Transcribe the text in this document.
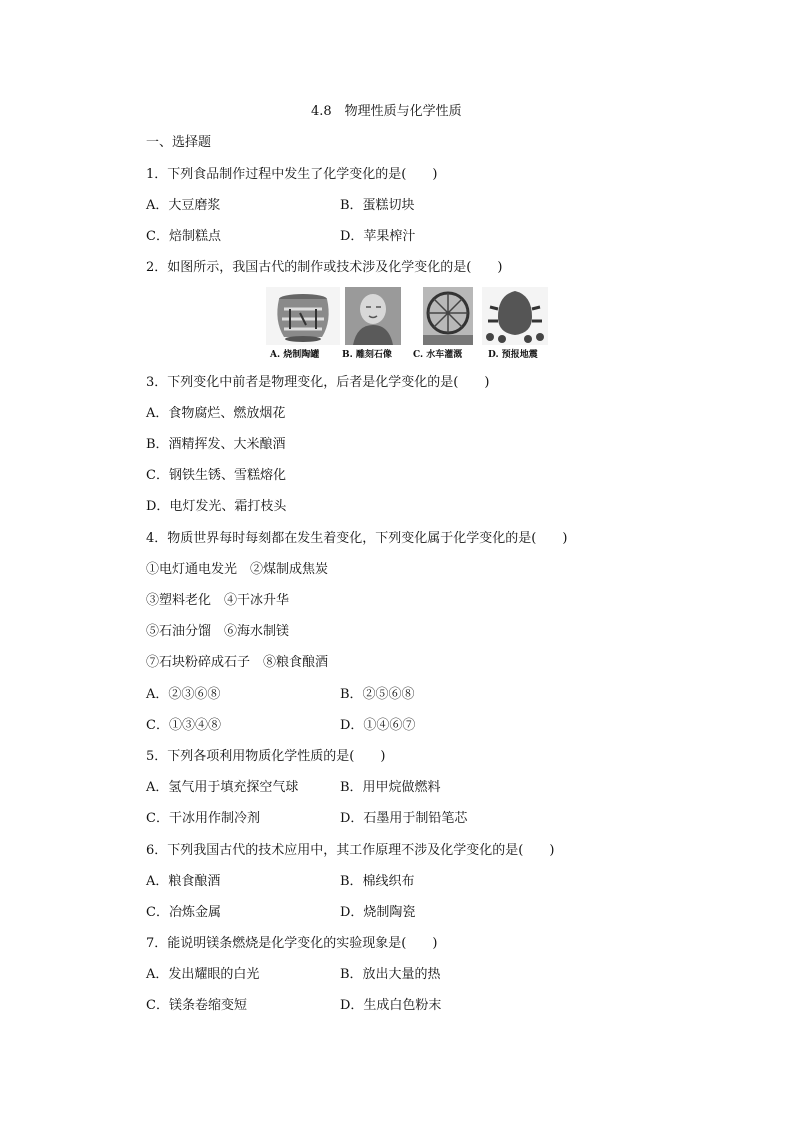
4.8　物理性质与化学性质
一、选择题
1．下列食品制作过程中发生了化学变化的是(　　)
A．大豆磨浆	B．蛋糕切块
C．焙制糕点	D．苹果榨汁
2．如图所示，我国古代的制作或技术涉及化学变化的是(　　)
A. 烧制陶罐	B. 雕刻石像 C. 水车灌溉	D. 预报地震
3．下列变化中前者是物理变化，后者是化学变化的是(　　)
A．食物腐烂、燃放烟花
B．酒精挥发、大米酿酒
C．钢铁生锈、雪糕熔化
D．电灯发光、霜打枝头
4．物质世界每时每刻都在发生着变化，下列变化属于化学变化的是(　　)
①电灯通电发光　②煤制成焦炭
③塑料老化　④干冰升华
⑤石油分馏　⑥海水制镁
⑦石块粉碎成石子　⑧粮食酿酒
A．②③⑥⑧	B．②⑤⑥⑧
C．①③④⑧	D．①④⑥⑦
5．下列各项利用物质化学性质的是(　　)
A．氢气用于填充探空气球	B．用甲烷做燃料
C．干冰用作制冷剂	D．石墨用于制铅笔芯
6．下列我国古代的技术应用中，其工作原理不涉及化学变化的是(　　)
A．粮食酿酒	B．棉线织布
C．冶炼金属	D．烧制陶瓷
7．能说明镁条燃烧是化学变化的实验现象是(　　)
A．发出耀眼的白光	B．放出大量的热
C．镁条卷缩变短	D．生成白色粉末
